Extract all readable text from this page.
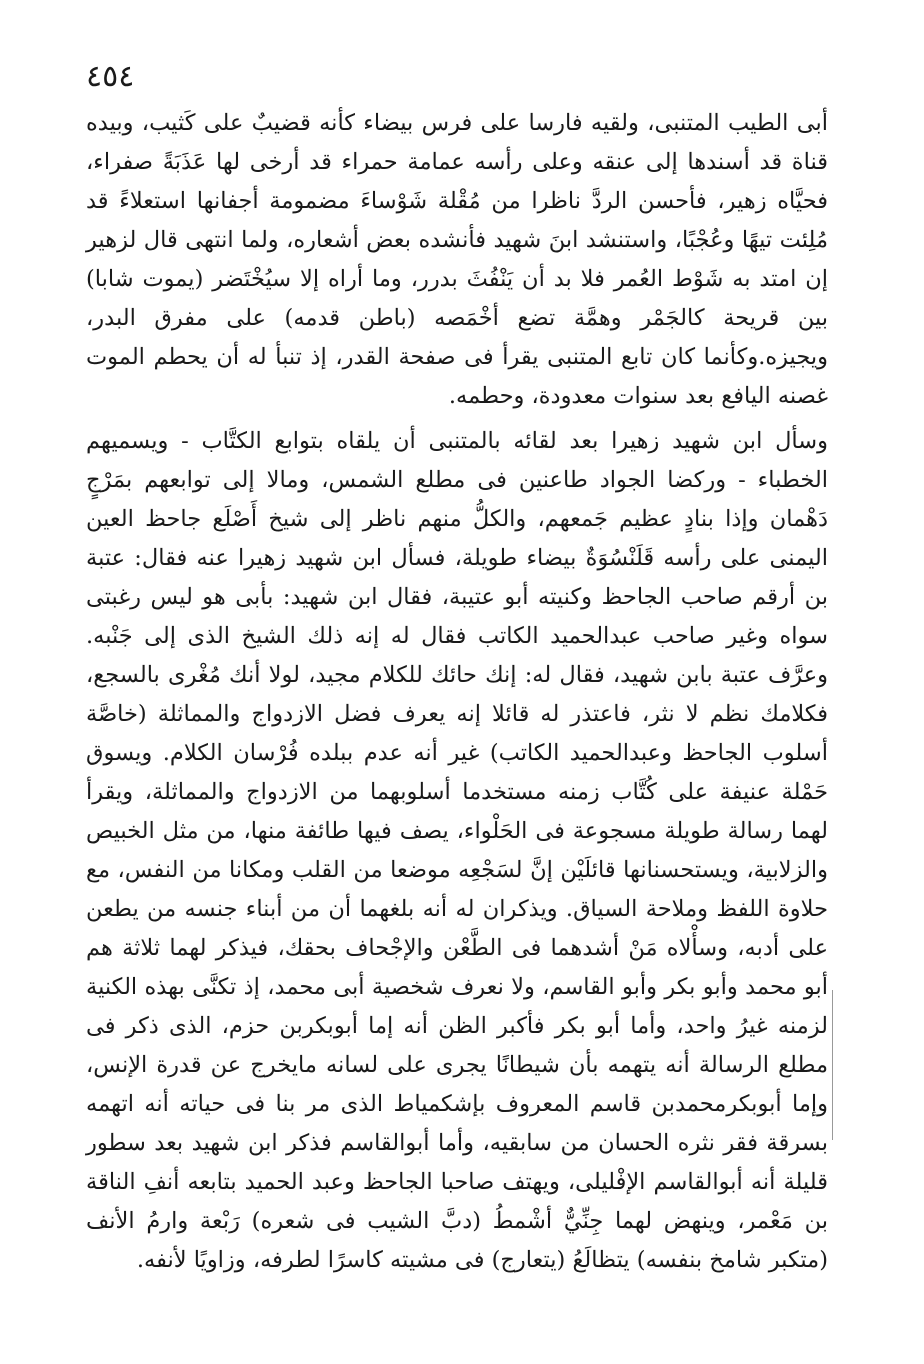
٤٥٤

أبى الطيب المتنبى، ولقيه فارسا على فرس بيضاء كأنه قضيبٌ على كَثيب، وبيده قناة قد أسندها إلى عنقه وعلى رأسه عمامة حمراء قد أرخى لها عَذَبَةً صفراء، فحيَّاه زهير، فأحسن الردَّ ناظرا من مُقْلة شَوْساءَ مضمومة أجفانها استعلاءً قد مُلِئت تيهًا وعُجْبًا، واستنشد ابنَ شهيد فأنشده بعض أشعاره، ولما انتهى قال لزهير إن امتد به شَوْط العُمر فلا بد أن يَنْفُثَ بدرر، وما أراه إلا سيُخْتَضر (يموت شابا) بين قريحة كالجَمْر وهمَّة تضع أخْمَصه (باطن قدمه) على مفرق البدر، ويجيزه.وكأنما كان تابع المتنبى يقرأ فى صفحة القدر، إذ تنبأ له أن يحطم الموت غصنه اليافع بعد سنوات معدودة، وحطمه.

وسأل ابن شهيد زهيرا بعد لقائه بالمتنبى أن يلقاه بتوابع الكتَّاب - ويسميهم الخطباء - وركضا الجواد طاعنين فى مطلع الشمس، ومالا إلى توابعهم بمَرْجٍ دَهْمان وإذا بنادٍ عظيم جَمعهم، والكلُّ منهم ناظر إلى شيخ أَصْلَع جاحظ العين اليمنى على رأسه قَلَنْسُوَةٌ بيضاء طويلة، فسأل ابن شهيد زهيرا عنه فقال: عتبة بن أرقم صاحب الجاحظ وكنيته أبو عتيبة، فقال ابن شهيد: بأبى هو ليس رغبتى سواه وغير صاحب عبدالحميد الكاتب فقال له إنه ذلك الشيخ الذى إلى جَنْبه. وعرَّف عتبة بابن شهيد، فقال له: إنك حائك للكلام مجيد، لولا أنك مُغْرى بالسجع، فكلامك نظم لا نثر، فاعتذر له قائلا إنه يعرف فضل الازدواج والمماثلة (خاصَّة أسلوب الجاحظ وعبدالحميد الكاتب) غير أنه عدم ببلده فُرْسان الكلام. ويسوق حَمْلة عنيفة على كُتَّاب زمنه مستخدما أسلوبهما من الازدواج والمماثلة، ويقرأ لهما رسالة طويلة مسجوعة فى الحَلْواء، يصف فيها طائفة منها، من مثل الخبيص والزلابية، ويستحسنانها قائلَيْن إنَّ لسَجْعِه موضعا من القلب ومكانا من النفس، مع حلاوة اللفظ وملاحة السياق. ويذكران له أنه بلغهما أن من أبناء جنسه من يطعن على أدبه، وسأْلاه مَنْ أشدهما فى الطَّعْن والإجْحاف بحقك، فيذكر لهما ثلاثة هم أبو محمد وأبو بكر وأبو القاسم، ولا نعرف شخصية أبى محمد، إذ تكنَّى بهذه الكنية لزمنه غيرُ واحد، وأما أبو بكر فأكبر الظن أنه إما أبوبكربن حزم، الذى ذكر فى مطلع الرسالة أنه يتهمه بأن شيطانًا يجرى على لسانه مايخرج عن قدرة الإنس، وإما أبوبكرمحمدبن قاسم المعروف بإشكمياط الذى مر بنا فى حياته أنه اتهمه بسرقة فقر نثره الحسان من سابقيه، وأما أبوالقاسم فذكر ابن شهيد بعد سطور قليلة أنه أبوالقاسم الإفْليلى، ويهتف صاحبا الجاحظ وعبد الحميد بتابعه أنفِ الناقة بن مَعْمر، وينهض لهما جِنِّيٌّ أشْمطُ (دبَّ الشيب فى شعره) رَبْعة وارمُ الأنف (متكبر شامخ بنفسه) يتظالَعُ (يتعارج) فى مشيته كاسرًا لطرفه، وزاويًا لأنفه.
